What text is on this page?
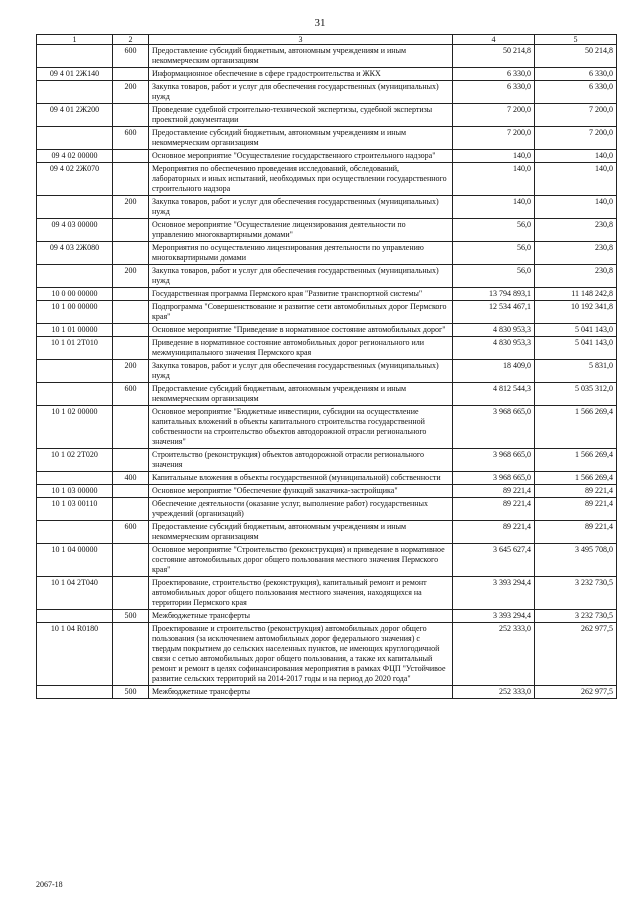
31
1	2	3	4	5
	600	Предоставление субсидий бюджетным, автономным учреждениям и иным некоммерческим организациям	50 214,8	50 214,8
09 4 01 2Ж140		Информационное обеспечение в сфере градостроительства и ЖКХ	6 330,0	6 330,0
	200	Закупка товаров, работ и услуг для обеспечения государственных (муниципальных) нужд	6 330,0	6 330,0
09 4 01 2Ж200		Проведение судебной строительно-технической экспертизы, судебной экспертизы проектной документации	7 200,0	7 200,0
	600	Предоставление субсидий бюджетным, автономным учреждениям и иным некоммерческим организациям	7 200,0	7 200,0
09 4 02 00000		Основное мероприятие "Осуществление государственного строительного надзора"	140,0	140,0
09 4 02 2Ж070		Мероприятия по обеспечению проведения исследований, обследований, лабораторных и иных испытаний, необходимых при осуществлении государственного строительного надзора	140,0	140,0
	200	Закупка товаров, работ и услуг для обеспечения государственных (муниципальных) нужд	140,0	140,0
09 4 03 00000		Основное мероприятие "Осуществление лицензирования деятельности по управлению многоквартирными домами"	56,0	230,8
09 4 03 2Ж080		Мероприятия по осуществлению лицензирования деятельности по управлению многоквартирными домами	56,0	230,8
	200	Закупка товаров, работ и услуг для обеспечения государственных (муниципальных) нужд	56,0	230,8
10 0 00 00000		Государственная программа Пермского края "Развитие транспортной системы"	13 794 893,1	11 148 242,8
10 1 00 00000		Подпрограмма "Совершенствование и развитие сети автомобильных дорог Пермского края"	12 534 467,1	10 192 341,8
10 1 01 00000		Основное мероприятие "Приведение в нормативное состояние автомобильных дорог"	4 830 953,3	5 041 143,0
10 1 01 2Т010		Приведение в нормативное состояние автомобильных дорог регионального или межмуниципального значения Пермского края	4 830 953,3	5 041 143,0
	200	Закупка товаров, работ и услуг для обеспечения государственных (муниципальных) нужд	18 409,0	5 831,0
	600	Предоставление субсидий бюджетным, автономным учреждениям и иным некоммерческим организациям	4 812 544,3	5 035 312,0
10 1 02 00000		Основное мероприятие "Бюджетные инвестиции, субсидии на осуществление капитальных вложений в объекты капитального строительства государственной собственности на строительство объектов автодорожной отрасли регионального значения"	3 968 665,0	1 566 269,4
10 1 02 2Т020		Строительство (реконструкция) объектов автодорожной отрасли регионального значения	3 968 665,0	1 566 269,4
	400	Капитальные вложения в объекты государственной (муниципальной) собственности	3 968 665,0	1 566 269,4
10 1 03 00000		Основное мероприятие "Обеспечение функций заказчика-застройщика"	89 221,4	89 221,4
10 1 03 00110		Обеспечение деятельности (оказание услуг, выполнение работ) государственных учреждений (организаций)	89 221,4	89 221,4
	600	Предоставление субсидий бюджетным, автономным учреждениям и иным некоммерческим организациям	89 221,4	89 221,4
10 1 04 00000		Основное мероприятие "Строительство (реконструкция) и приведение в нормативное состояние автомобильных дорог общего пользования местного значения Пермского края"	3 645 627,4	3 495 708,0
10 1 04 2Т040		Проектирование, строительство (реконструкция), капитальный ремонт и ремонт автомобильных дорог общего пользования местного значения, находящихся на территории Пермского края	3 393 294,4	3 232 730,5
	500	Межбюджетные трансферты	3 393 294,4	3 232 730,5
10 1 04 R0180		Проектирование и строительство (реконструкция) автомобильных дорог общего пользования (за исключением автомобильных дорог федерального значения) с твердым покрытием до сельских населенных пунктов, не имеющих круглогодичной связи с сетью автомобильных дорог общего пользования, а также их капитальный ремонт и ремонт в целях софинансирования мероприятия в рамках ФЦП "Устойчивое развитие сельских территорий на 2014-2017 годы и на период до 2020 года"	252 333,0	262 977,5
	500	Межбюджетные трансферты	252 333,0	262 977,5
2067-18
